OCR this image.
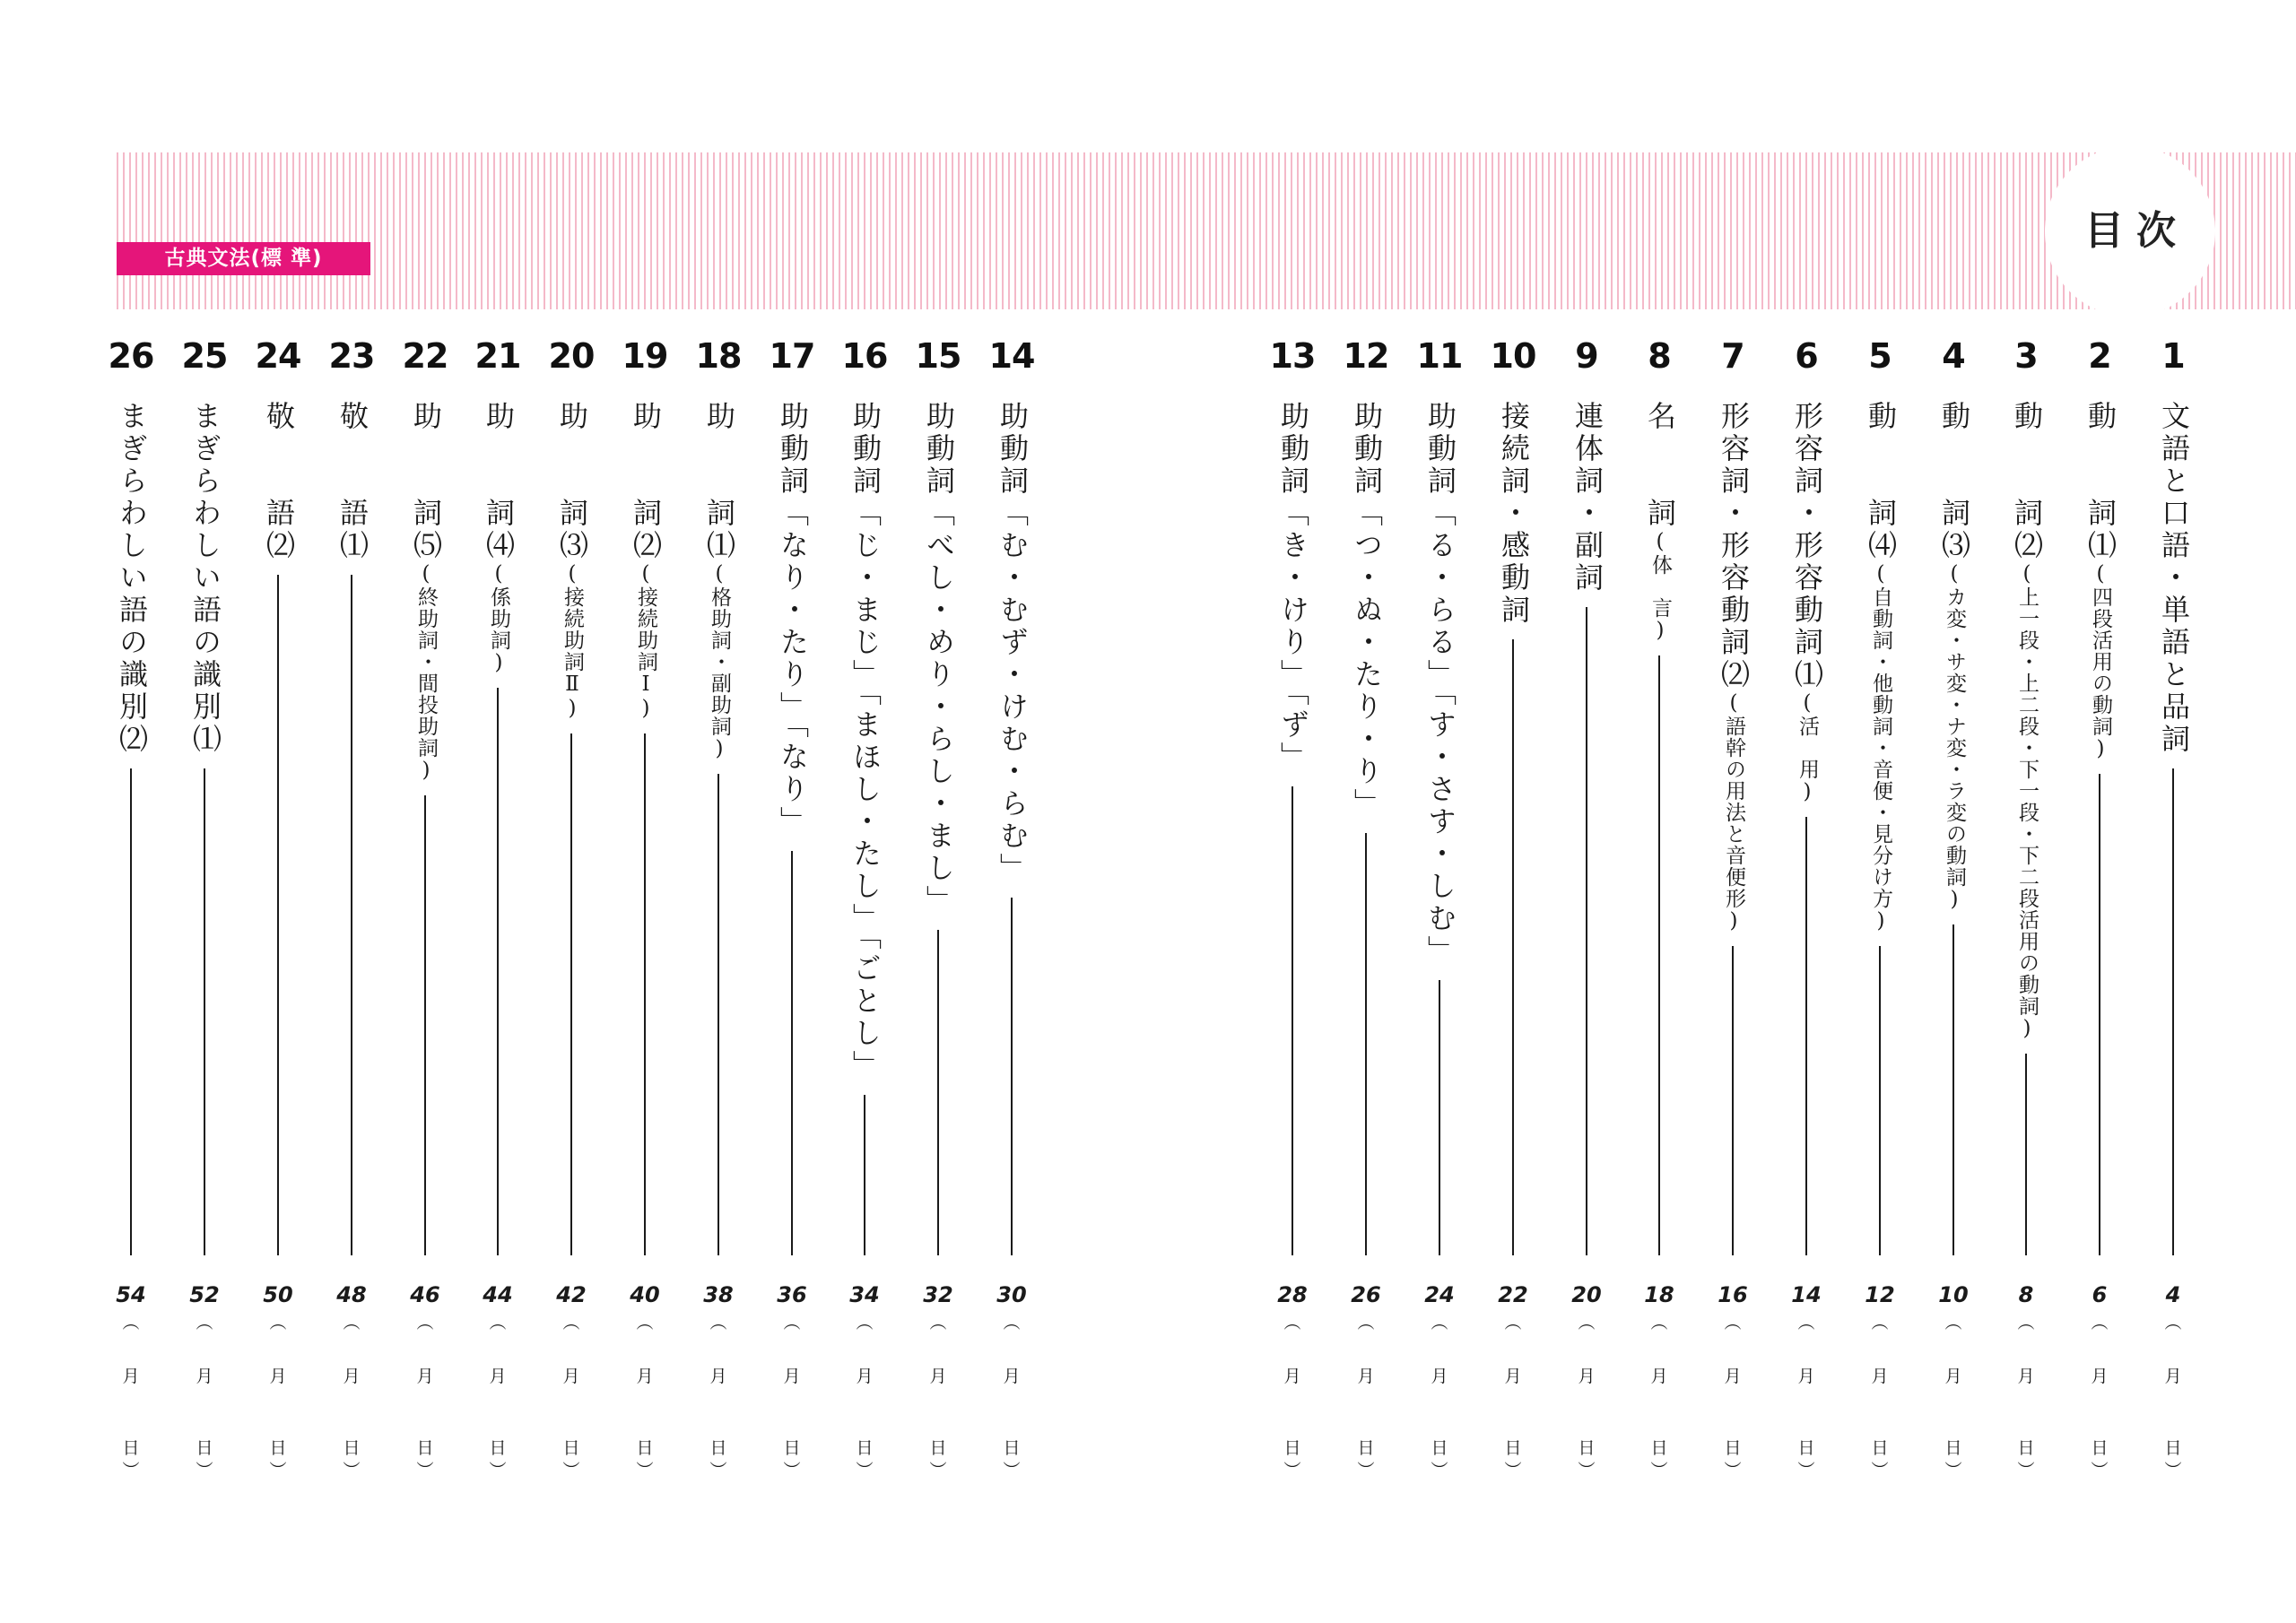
古典文法(標 準)
目次
1
文語と口語・単語と品詞
4
︵
月
日
︶
2
動　　詞⑴(四段活用の動詞)
6
︵
月
日
︶
3
動　　詞⑵(上一段・上二段・下一段・下二段活用の動詞)
8
︵
月
日
︶
4
動　　詞⑶(カ変・サ変・ナ変・ラ変の動詞)
10
︵
月
日
︶
5
動　　詞⑷(自動詞・他動詞・音便・見分け方)
12
︵
月
日
︶
6
形容詞・形容動詞⑴(活　用)
14
︵
月
日
︶
7
形容詞・形容動詞⑵(語幹の用法と音便形)
16
︵
月
日
︶
8
名　　詞(体　言)
18
︵
月
日
︶
9
連体詞・副詞
20
︵
月
日
︶
10
接続詞・感動詞
22
︵
月
日
︶
11
助動詞「る・らる」「す・さす・しむ」
24
︵
月
日
︶
12
助動詞「つ・ぬ・たり・り」
26
︵
月
日
︶
13
助動詞「き・けり」「ず」
28
︵
月
日
︶
14
助動詞「む・むず・けむ・らむ」
30
︵
月
日
︶
15
助動詞「べし・めり・らし・まし」
32
︵
月
日
︶
16
助動詞「じ・まじ」「まほし・たし」「ごとし」
34
︵
月
日
︶
17
助動詞「なり・たり」「なり」
36
︵
月
日
︶
18
助　　詞⑴(格助詞・副助詞)
38
︵
月
日
︶
19
助　　詞⑵(接続助詞Ⅰ)
40
︵
月
日
︶
20
助　　詞⑶(接続助詞Ⅱ)
42
︵
月
日
︶
21
助　　詞⑷(係助詞)
44
︵
月
日
︶
22
助　　詞⑸(終助詞・間投助詞)
46
︵
月
日
︶
23
敬　　語⑴
48
︵
月
日
︶
24
敬　　語⑵
50
︵
月
日
︶
25
まぎらわしい語の識別⑴
52
︵
月
日
︶
26
まぎらわしい語の識別⑵
54
︵
月
日
︶
